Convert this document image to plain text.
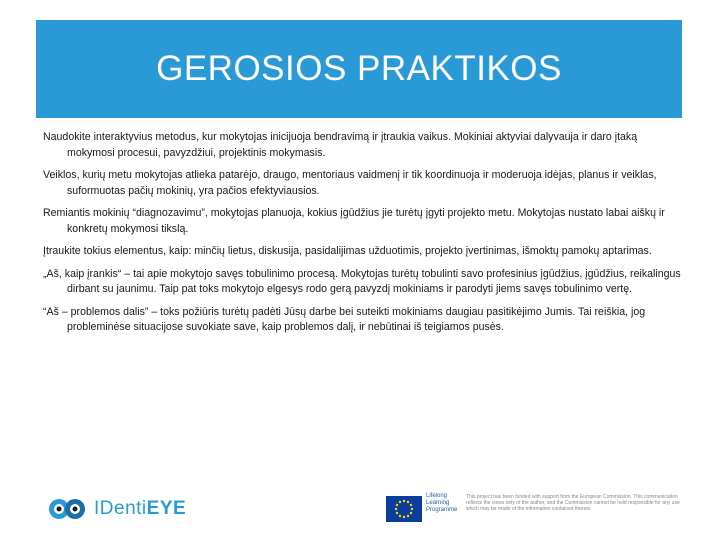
GEROSIOS PRAKTIKOS

Naudokite interaktyvius metodus, kur mokytojas inicijuoja bendravimą ir įtraukia vaikus. Mokiniai aktyviai dalyvauja ir daro įtaką mokymosi procesui, pavyzdžiui, projektinis mokymasis.

Veiklos, kurių metu mokytojas atlieka patarėjo, draugo, mentoriaus vaidmenį ir tik koordinuoja ir moderuoja idėjas, planus ir veiklas, suformuotas pačių mokinių, yra pačios efektyviausios.

Remiantis mokinių “diagnozavimu”, mokytojas planuoja, kokius įgūdžius jie turėtų įgyti projekto metu. Mokytojas nustato labai aiškų ir konkretų mokymosi tikslą.

Įtraukite tokius elementus, kaip: minčių lietus, diskusija, pasidalijimas užduotimis, projekto įvertinimas, išmoktų pamokų aptarimas.

„Aš, kaip įrankis“ – tai apie mokytojo savęs tobulinimo procesą. Mokytojas turėtų tobulinti savo profesinius įgūdžius, įgūdžius, reikalingus dirbant su jaunimu. Taip pat toks mokytojo elgesys rodo gerą pavyzdį mokiniams ir parodyti jiems savęs tobulinimo vertę.

“Aš – problemos dalis” – toks požiūris turėtų padėti Jūsų darbe bei suteikti mokiniams daugiau pasitikėjimo Jumis. Tai reiškia, jog probleminėse situacijose suvokiate save, kaip problemos dalį, ir nebūtinai iš teigiamos pusės.

IDentiEYE
Lifelong Learning Programme
This project has been funded with support from the European Commission. This communication reflects the views only of the author, and the Commission cannot be held responsible for any use which may be made of the information contained therein.
